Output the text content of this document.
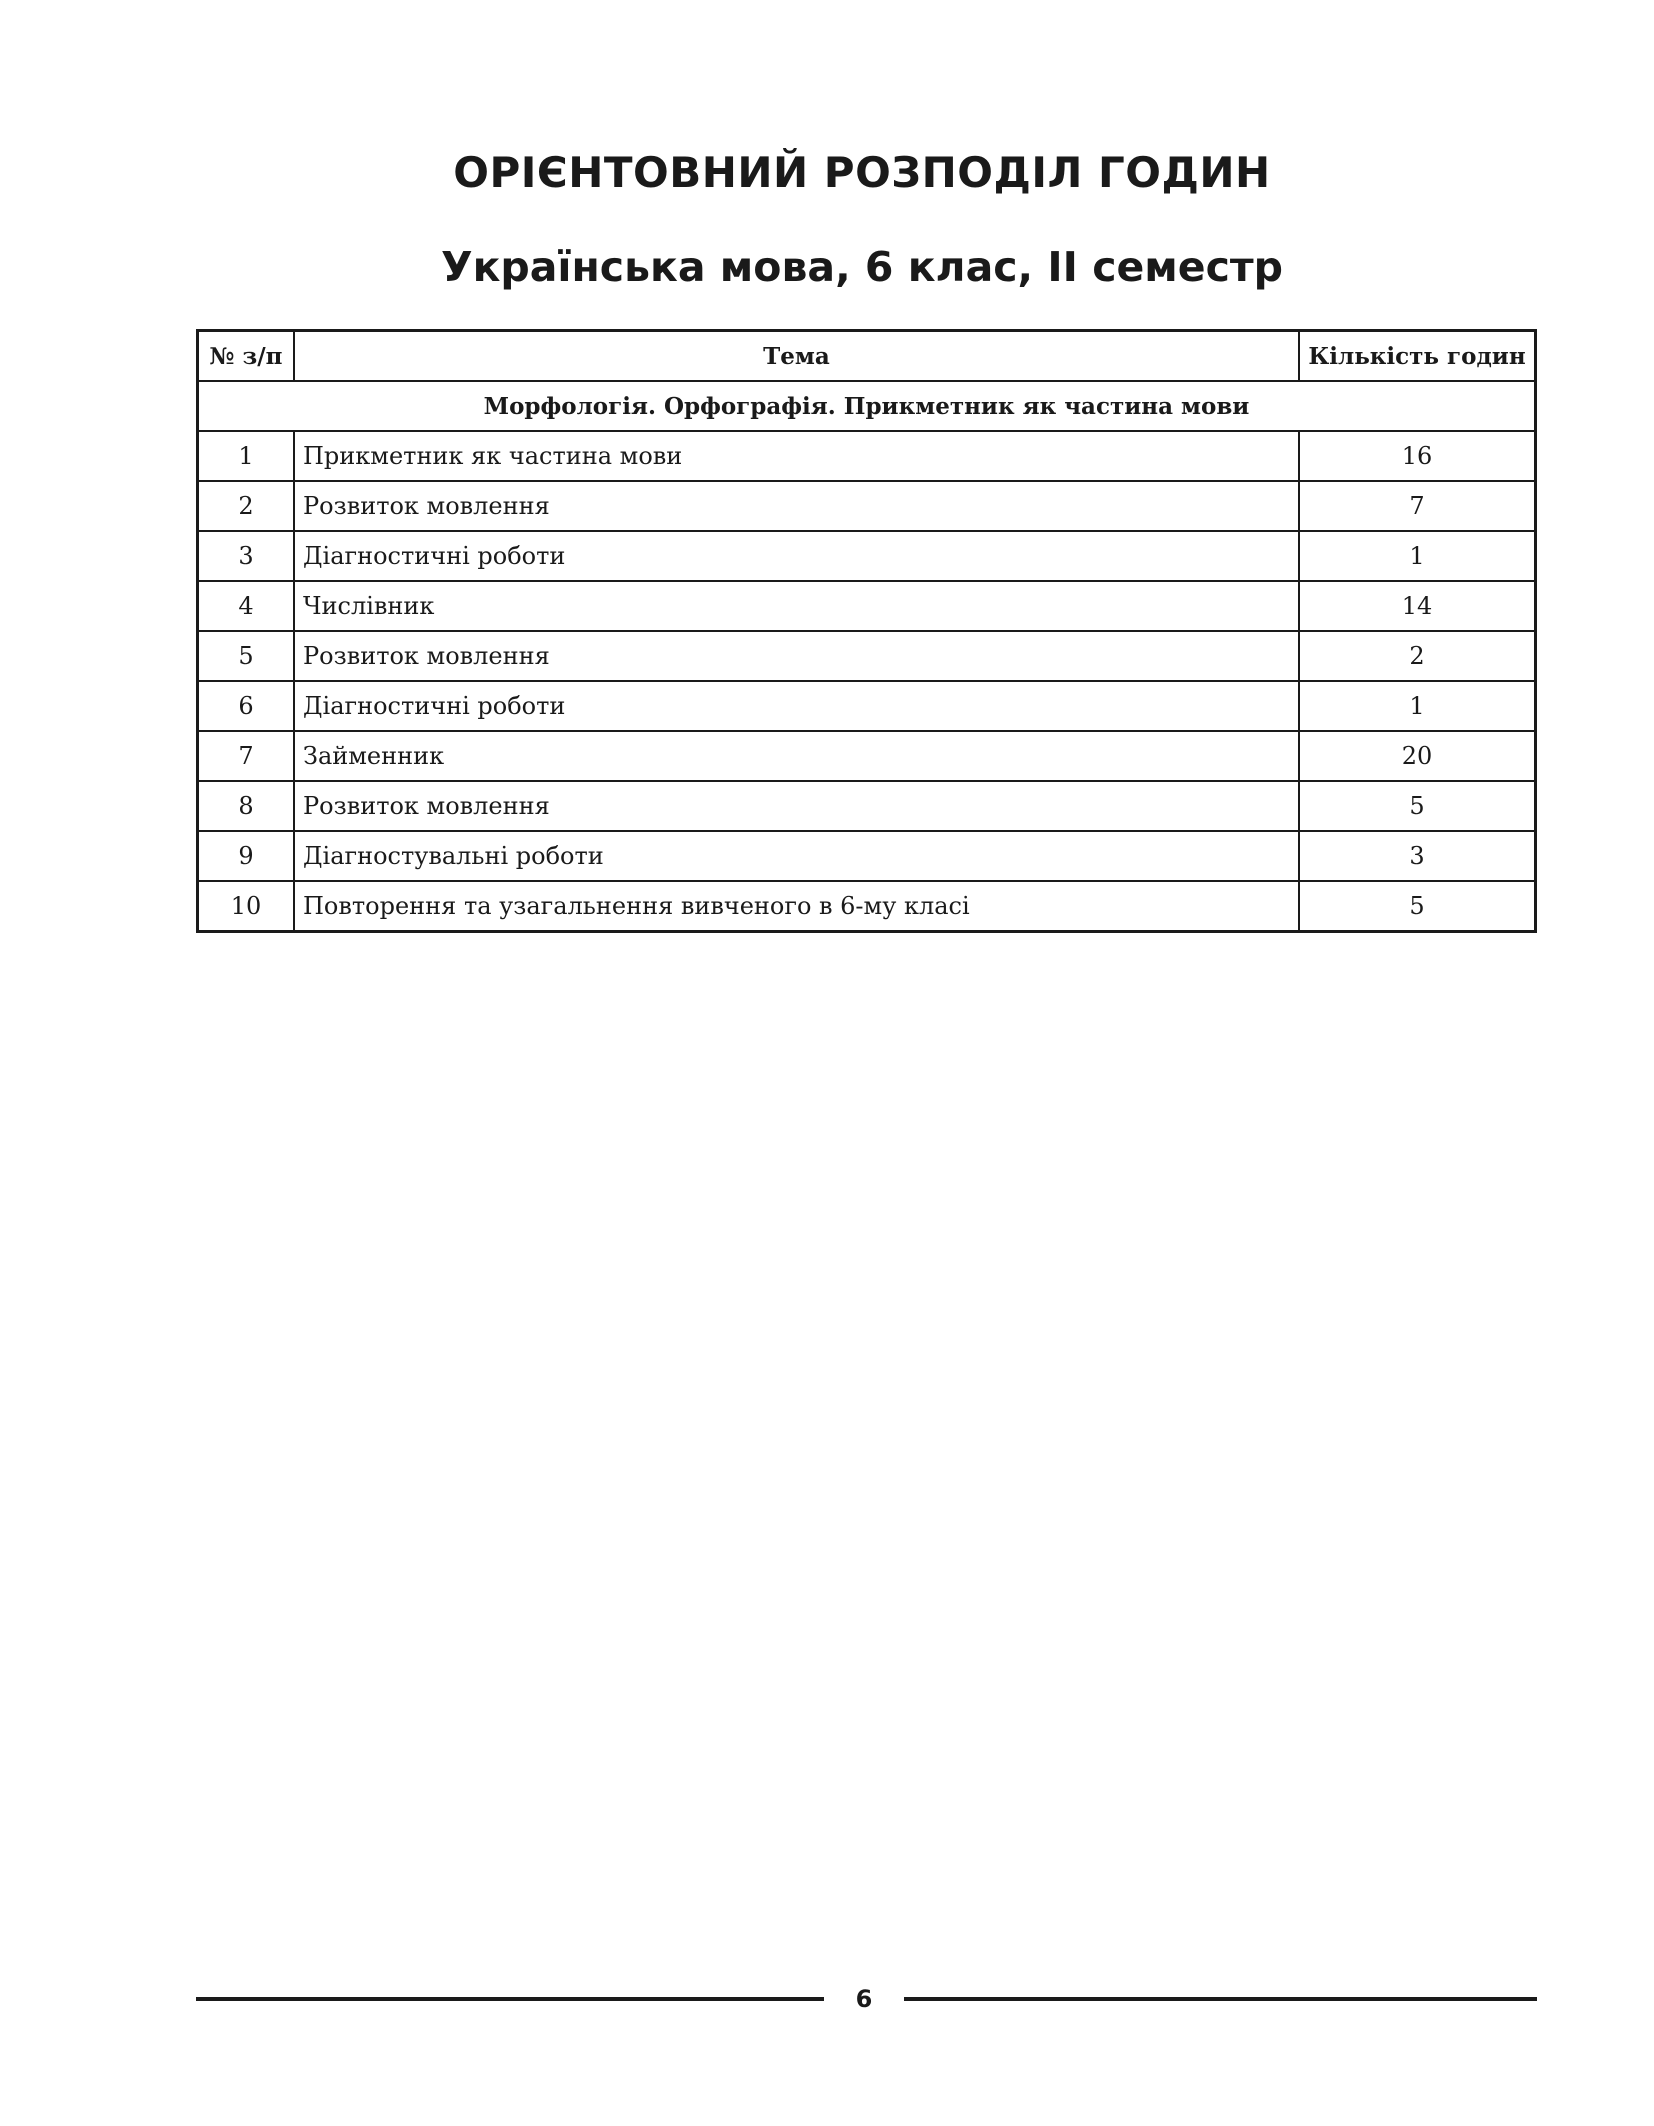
ОРІЄНТОВНИЙ РОЗПОДІЛ ГОДИН
Українська мова, 6 клас, II семестр
№ з/п	Тема	Кількість годин
Морфологія. Орфографія. Прикметник як частина мови		
1	Прикметник як частина мови	16
2	Розвиток мовлення	7
3	Діагностичні роботи	1
4	Числівник	14
5	Розвиток мовлення	2
6	Діагностичні роботи	1
7	Займенник	20
8	Розвиток мовлення	5
9	Діагностувальні роботи	3
10	Повторення та узагальнення вивченого в 6-му класі	5
6
